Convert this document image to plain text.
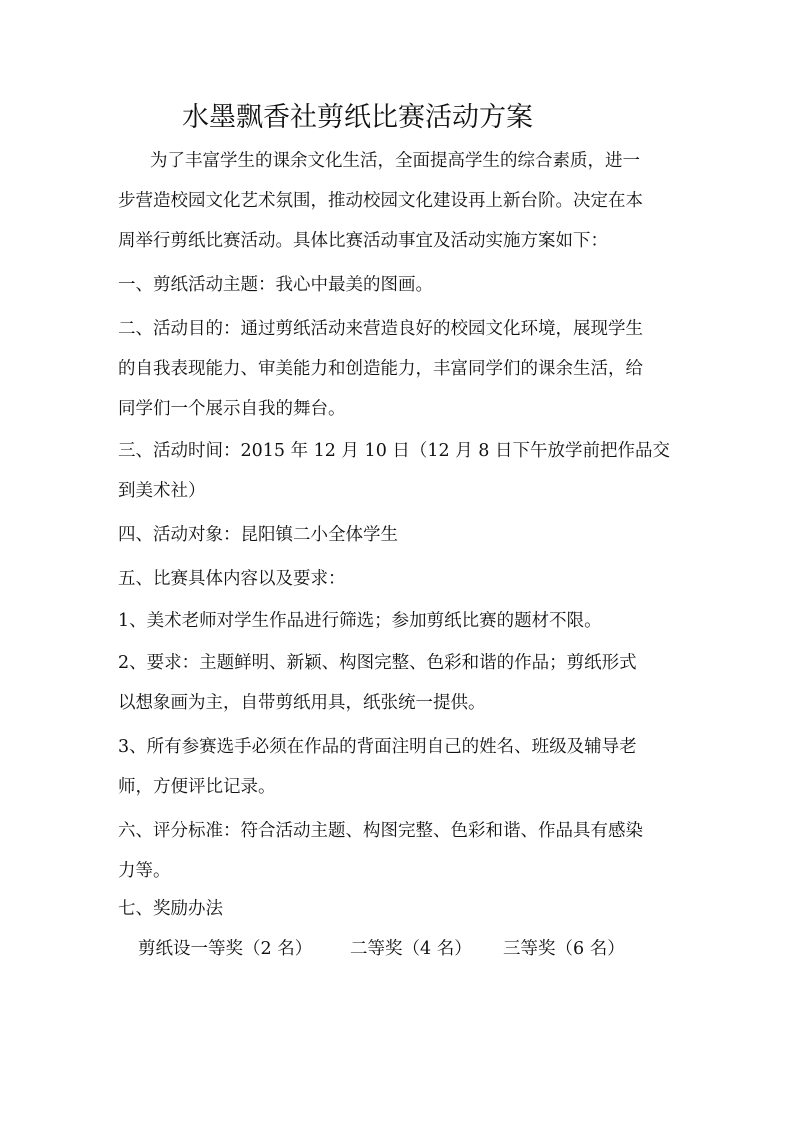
水墨飘香社剪纸比赛活动方案

为了丰富学生的课余文化生活，全面提高学生的综合素质，进一

步营造校园文化艺术氛围，推动校园文化建设再上新台阶。决定在本

周举行剪纸比赛活动。具体比赛活动事宜及活动实施方案如下：

一、剪纸活动主题：我心中最美的图画。

二、活动目的：通过剪纸活动来营造良好的校园文化环境，展现学生

的自我表现能力、审美能力和创造能力，丰富同学们的课余生活，给

同学们一个展示自我的舞台。

三、活动时间：2015 年 12 月 10 日（12 月 8 日下午放学前把作品交

到美术社）

四、活动对象：昆阳镇二小全体学生

五、比赛具体内容以及要求：

1、美术老师对学生作品进行筛选；参加剪纸比赛的题材不限。

2、要求：主题鲜明、新颖、构图完整、色彩和谐的作品；剪纸形式

以想象画为主，自带剪纸用具，纸张统一提供。

3、所有参赛选手必须在作品的背面注明自己的姓名、班级及辅导老

师，方便评比记录。

六、评分标准：符合活动主题、构图完整、色彩和谐、作品具有感染

力等。

七、奖励办法

剪纸设一等奖（2 名）	二等奖（4 名）	三等奖（6 名）
